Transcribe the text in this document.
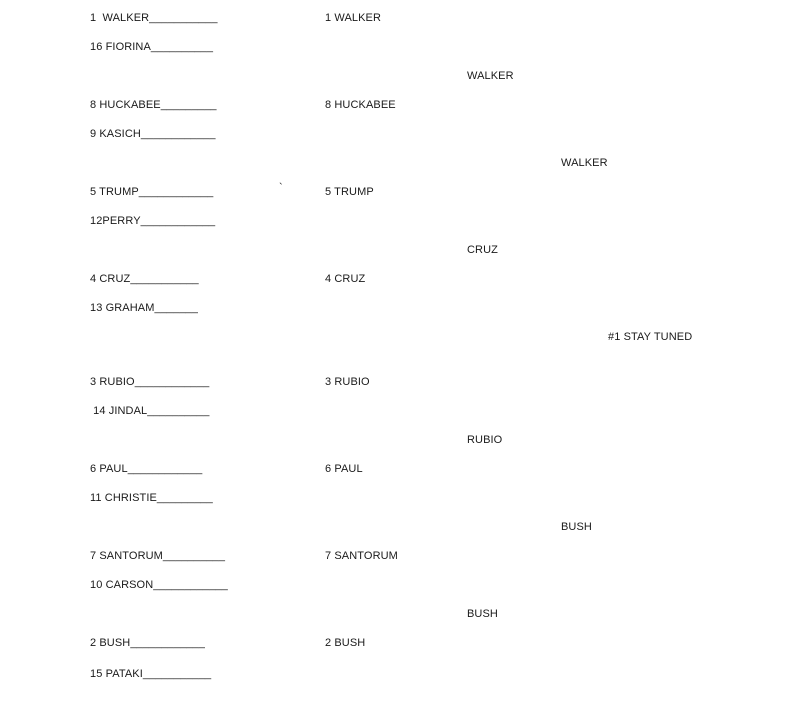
1  WALKER___________
16 FIORINA__________
8 HUCKABEE_________
9 KASICH____________
5 TRUMP____________
12PERRY____________
4 CRUZ___________
13 GRAHAM_______
3 RUBIO____________
14 JINDAL__________
6 PAUL____________
11 CHRISTIE_________
7 SANTORUM__________
10 CARSON____________
2 BUSH____________
15 PATAKI___________
`
1 WALKER
8 HUCKABEE
5 TRUMP
4 CRUZ
3 RUBIO
6 PAUL
7 SANTORUM
2 BUSH
WALKER
CRUZ
RUBIO
BUSH
WALKER
BUSH
#1 STAY TUNED
